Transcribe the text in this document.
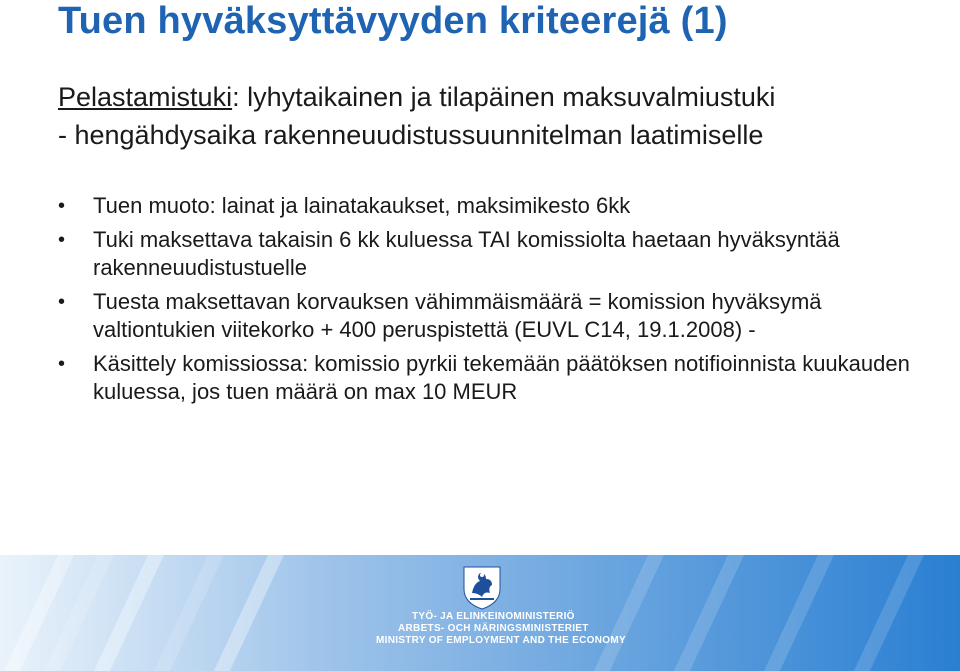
Tuen hyväksyttävyyden kriteerejä (1)
Pelastamistuki: lyhytaikainen ja tilapäinen maksuvalmiustuki
- hengähdysaika rakenneuudistussuunnitelman laatimiselle
• Tuen muoto: lainat ja lainatakaukset, maksimikesto 6kk
• Tuki maksettava takaisin 6 kk kuluessa TAI komissiolta haetaan hyväksyntää rakenneuudistustuelle
• Tuesta maksettavan korvauksen vähimmäismäärä = komission hyväksymä valtiontukien viitekorko + 400 peruspistettä (EUVL C14, 19.1.2008) -
• Käsittely komissiossa: komissio pyrkii tekemään päätöksen notifioinnista kuukauden kuluessa, jos tuen määrä on max 10 MEUR
TYÖ- JA ELINKEINOMINISTERIÖ
ARBETS- OCH NÄRINGSMINISTERIET
MINISTRY OF EMPLOYMENT AND THE ECONOMY
